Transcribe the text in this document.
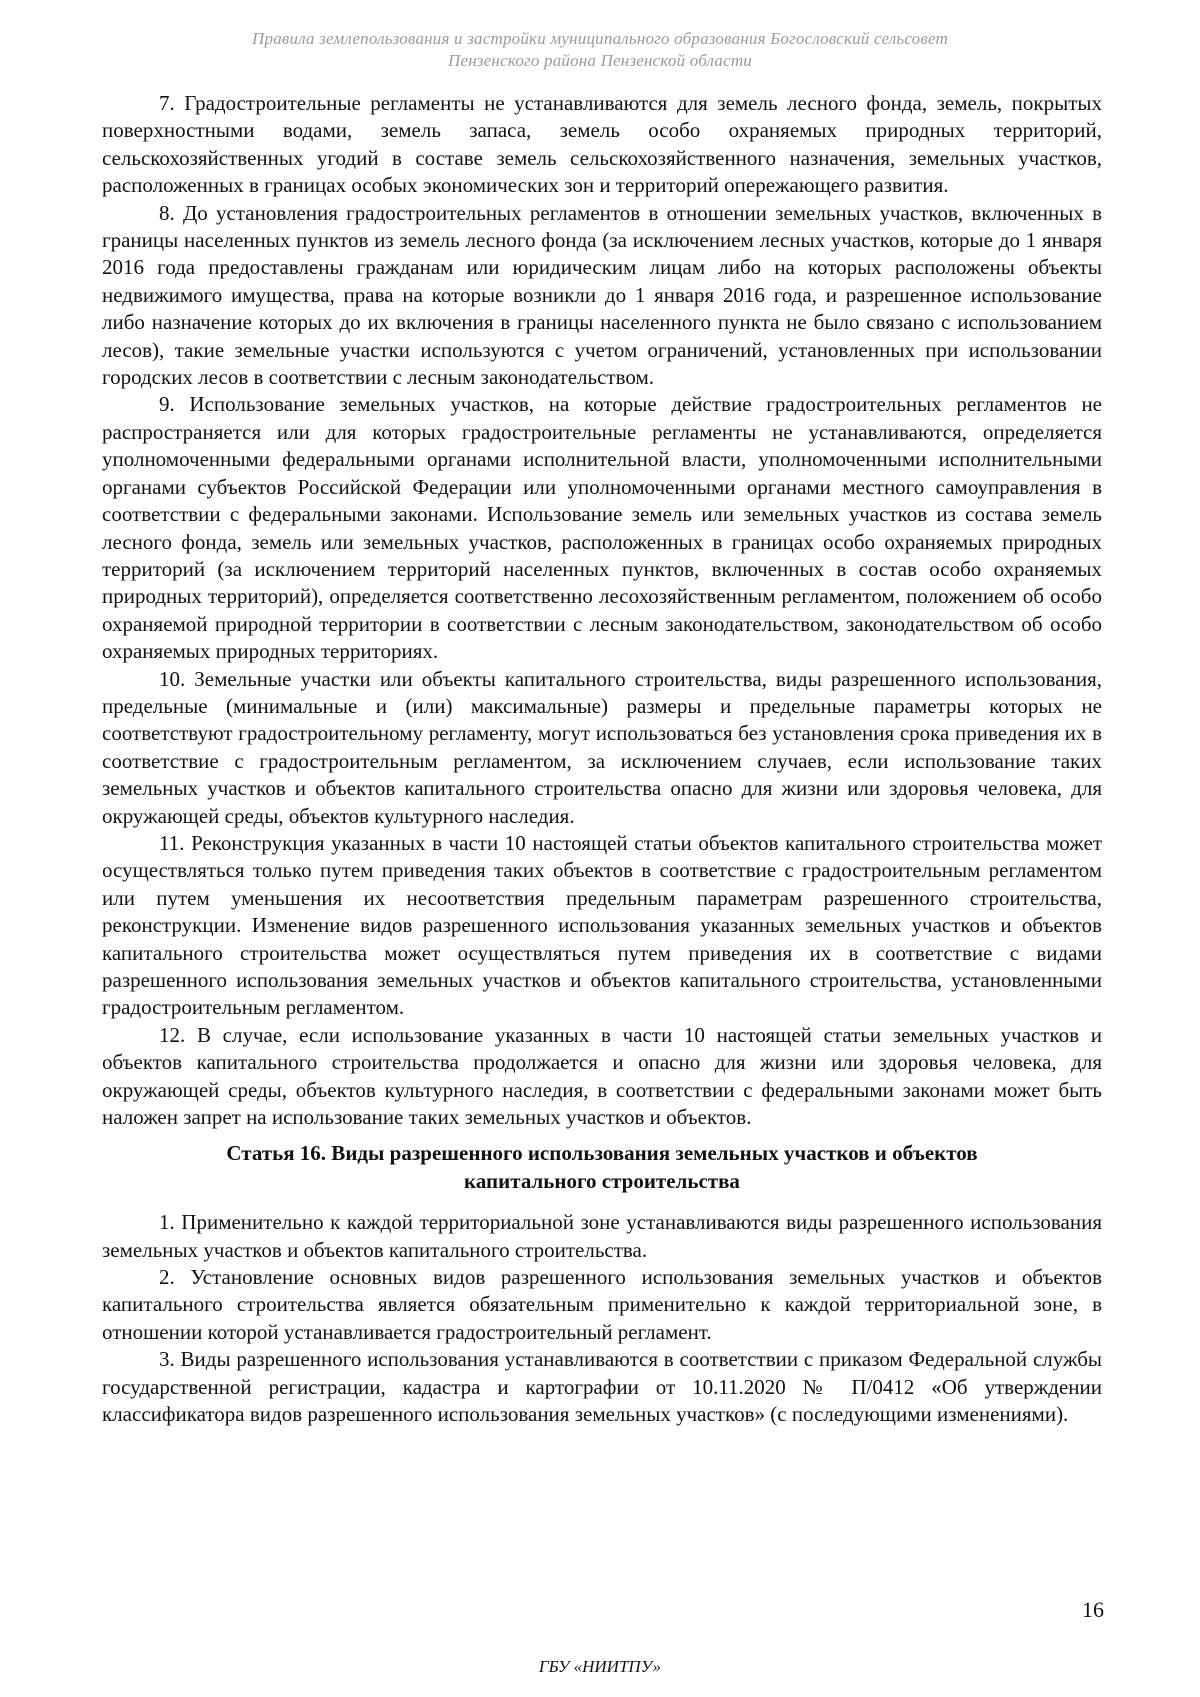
Правила землепользования и застройки муниципального образования Богословский сельсовет
Пензенского района Пензенской области

7. Градостроительные регламенты не устанавливаются для земель лесного фонда, земель, покрытых поверхностными водами, земель запаса, земель особо охраняемых природных территорий, сельскохозяйственных угодий в составе земель сельскохозяйственного назначения, земельных участков, расположенных в границах особых экономических зон и территорий опережающего развития.

8. До установления градостроительных регламентов в отношении земельных участков, включенных в границы населенных пунктов из земель лесного фонда (за исключением лесных участков, которые до 1 января 2016 года предоставлены гражданам или юридическим лицам либо на которых расположены объекты недвижимого имущества, права на которые возникли до 1 января 2016 года, и разрешенное использование либо назначение которых до их включения в границы населенного пункта не было связано с использованием лесов), такие земельные участки используются с учетом ограничений, установленных при использовании городских лесов в соответствии с лесным законодательством.

9. Использование земельных участков, на которые действие градостроительных регламентов не распространяется или для которых градостроительные регламенты не устанавливаются, определяется уполномоченными федеральными органами исполнительной власти, уполномоченными исполнительными органами субъектов Российской Федерации или уполномоченными органами местного самоуправления в соответствии с федеральными законами. Использование земель или земельных участков из состава земель лесного фонда, земель или земельных участков, расположенных в границах особо охраняемых природных территорий (за исключением территорий населенных пунктов, включенных в состав особо охраняемых природных территорий), определяется соответственно лесохозяйственным регламентом, положением об особо охраняемой природной территории в соответствии с лесным законодательством, законодательством об особо охраняемых природных территориях.

10. Земельные участки или объекты капитального строительства, виды разрешенного использования, предельные (минимальные и (или) максимальные) размеры и предельные параметры которых не соответствуют градостроительному регламенту, могут использоваться без установления срока приведения их в соответствие с градостроительным регламентом, за исключением случаев, если использование таких земельных участков и объектов капитального строительства опасно для жизни или здоровья человека, для окружающей среды, объектов культурного наследия.

11. Реконструкция указанных в части 10 настоящей статьи объектов капитального строительства может осуществляться только путем приведения таких объектов в соответствие с градостроительным регламентом или путем уменьшения их несоответствия предельным параметрам разрешенного строительства, реконструкции. Изменение видов разрешенного использования указанных земельных участков и объектов капитального строительства может осуществляться путем приведения их в соответствие с видами разрешенного использования земельных участков и объектов капитального строительства, установленными градостроительным регламентом.

12. В случае, если использование указанных в части 10 настоящей статьи земельных участков и объектов капитального строительства продолжается и опасно для жизни или здоровья человека, для окружающей среды, объектов культурного наследия, в соответствии с федеральными законами может быть наложен запрет на использование таких земельных участков и объектов.

Статья 16. Виды разрешенного использования земельных участков и объектов
капитального строительства

1. Применительно к каждой территориальной зоне устанавливаются виды разрешенного использования земельных участков и объектов капитального строительства.

2. Установление основных видов разрешенного использования земельных участков и объектов капитального строительства является обязательным применительно к каждой территориальной зоне, в отношении которой устанавливается градостроительный регламент.

3. Виды разрешенного использования устанавливаются в соответствии с приказом Федеральной службы государственной регистрации, кадастра и картографии от 10.11.2020 № П/0412 «Об утверждении классификатора видов разрешенного использования земельных участков» (с последующими изменениями).

16
ГБУ «НИИТПУ»
